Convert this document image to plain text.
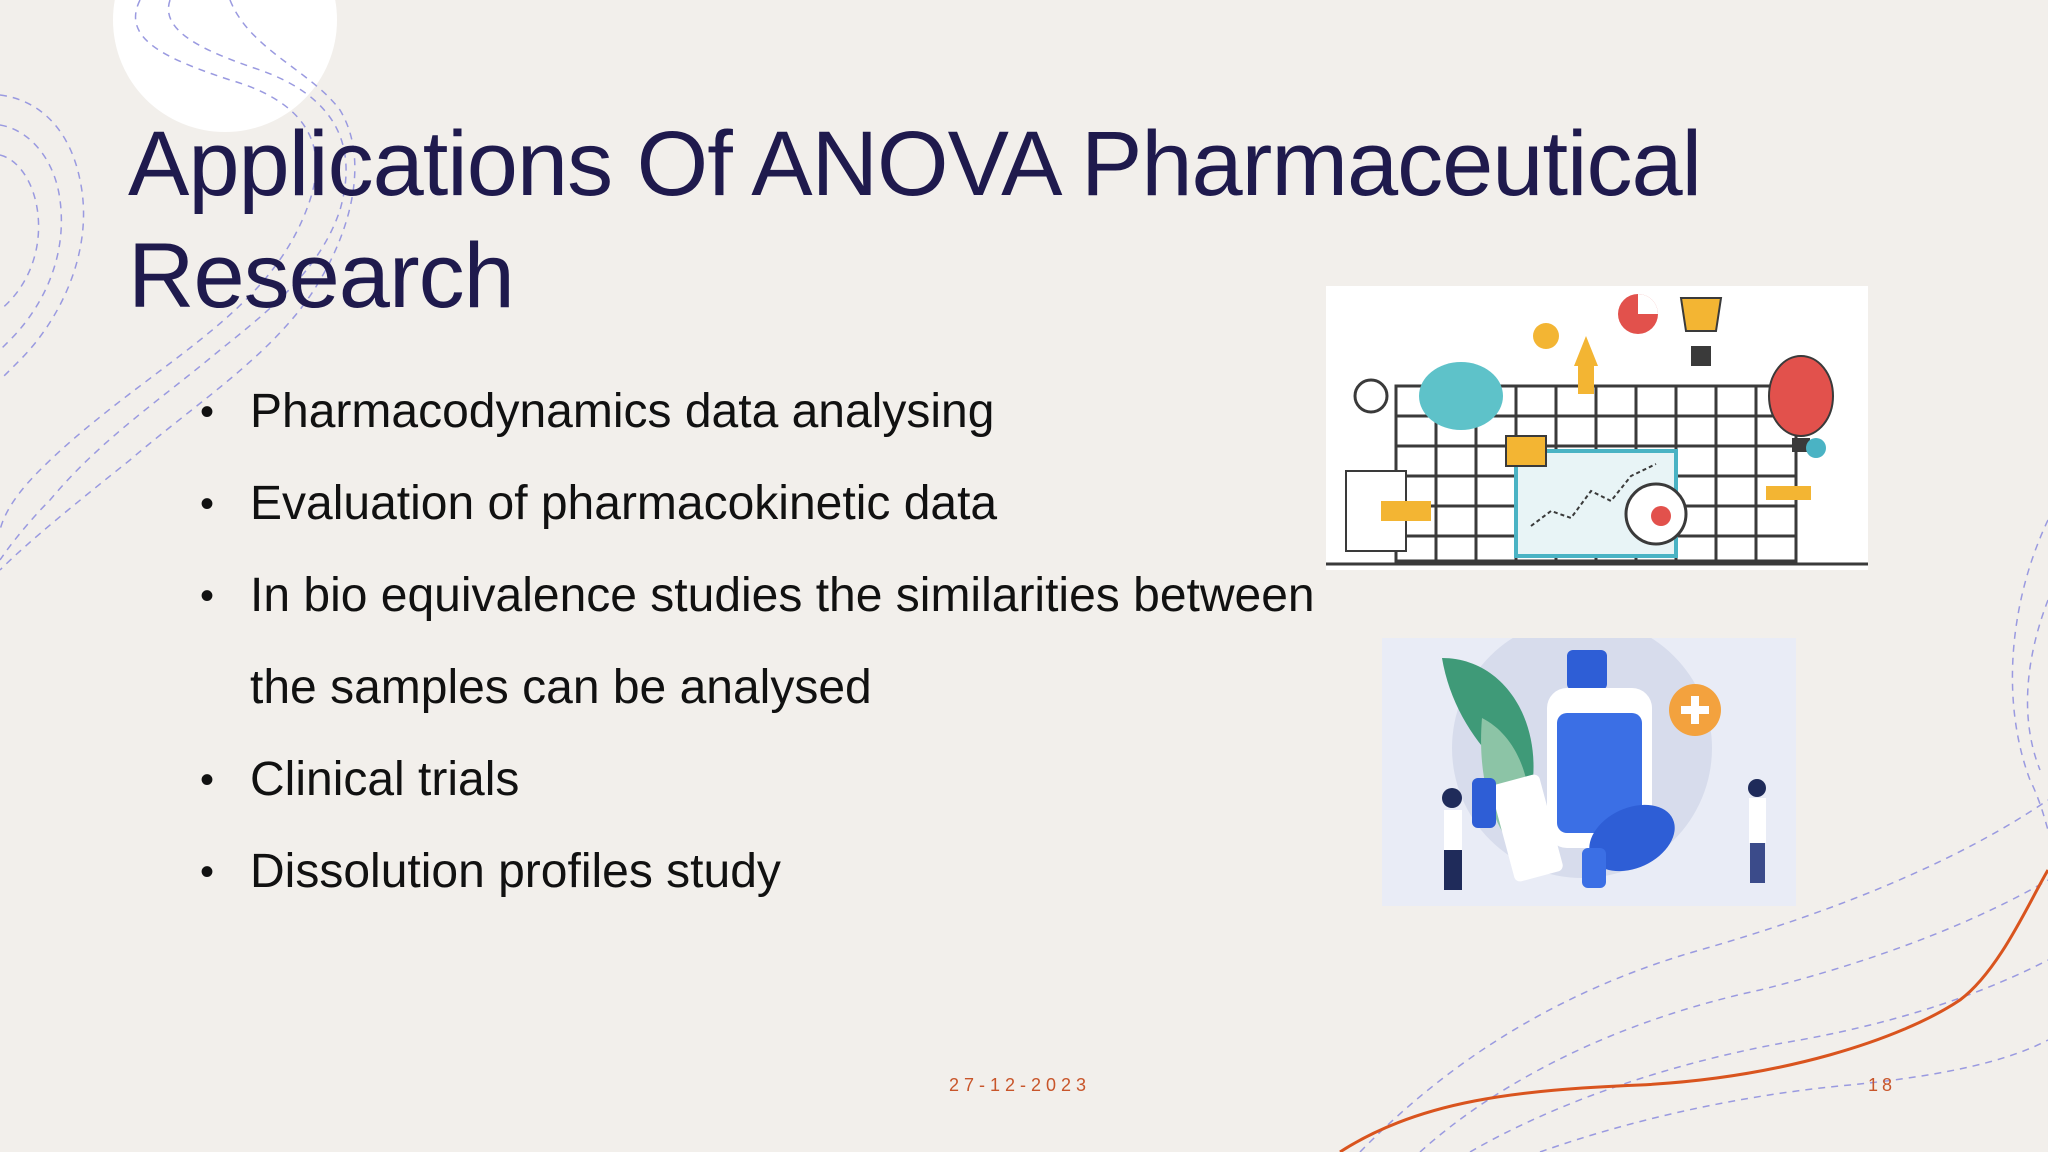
Applications Of ANOVA Pharmaceutical
Research
• Pharmacodynamics data analysing
• Evaluation of pharmacokinetic data
• In bio equivalence studies the similarities between
the samples can be analysed
• Clinical trials
• Dissolution profiles study
27-12-2023	18
